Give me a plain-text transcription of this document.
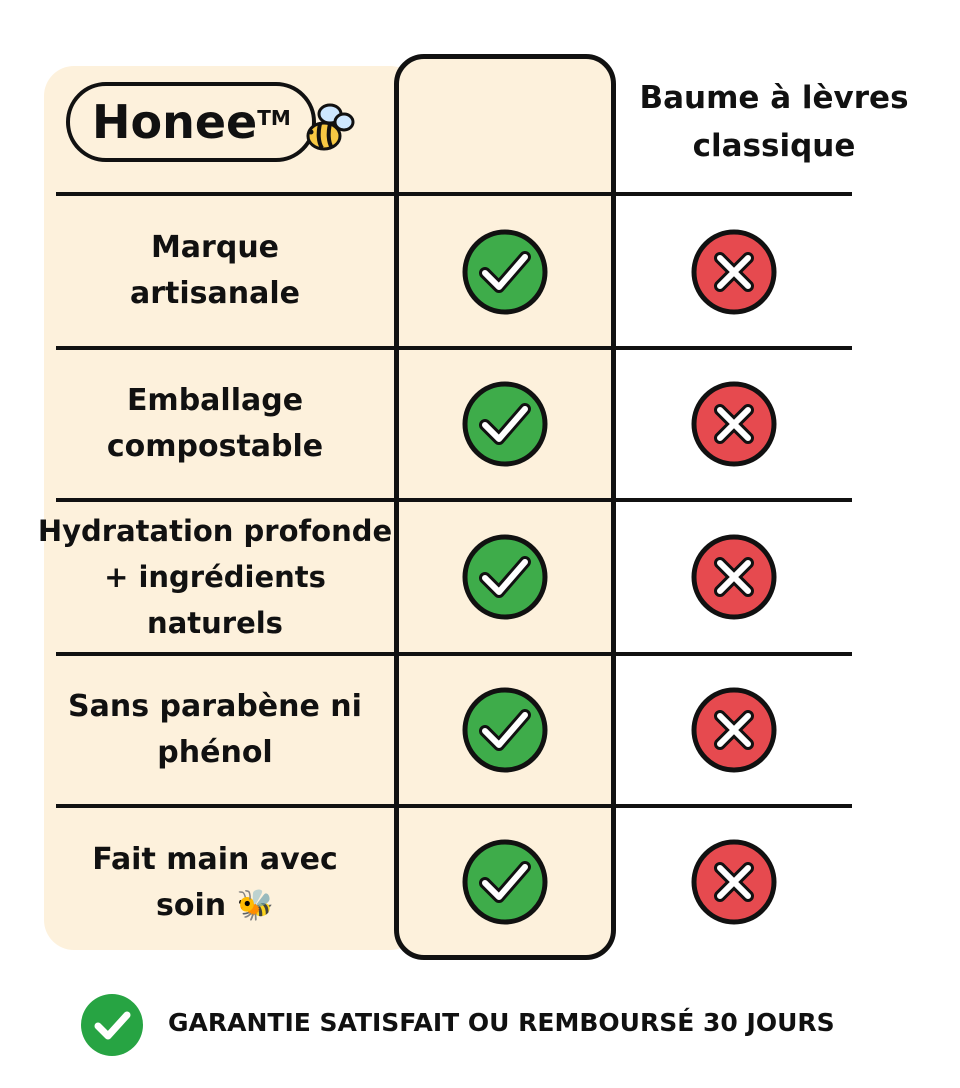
Honee TM
Baume à lèvres classique
Marque artisanale
Emballage compostable
Hydratation profonde + ingrédients naturels
Sans parabène ni phénol
Fait main avec soin 🐝
GARANTIE SATISFAIT OU REMBOURSÉ 30 JOURS
